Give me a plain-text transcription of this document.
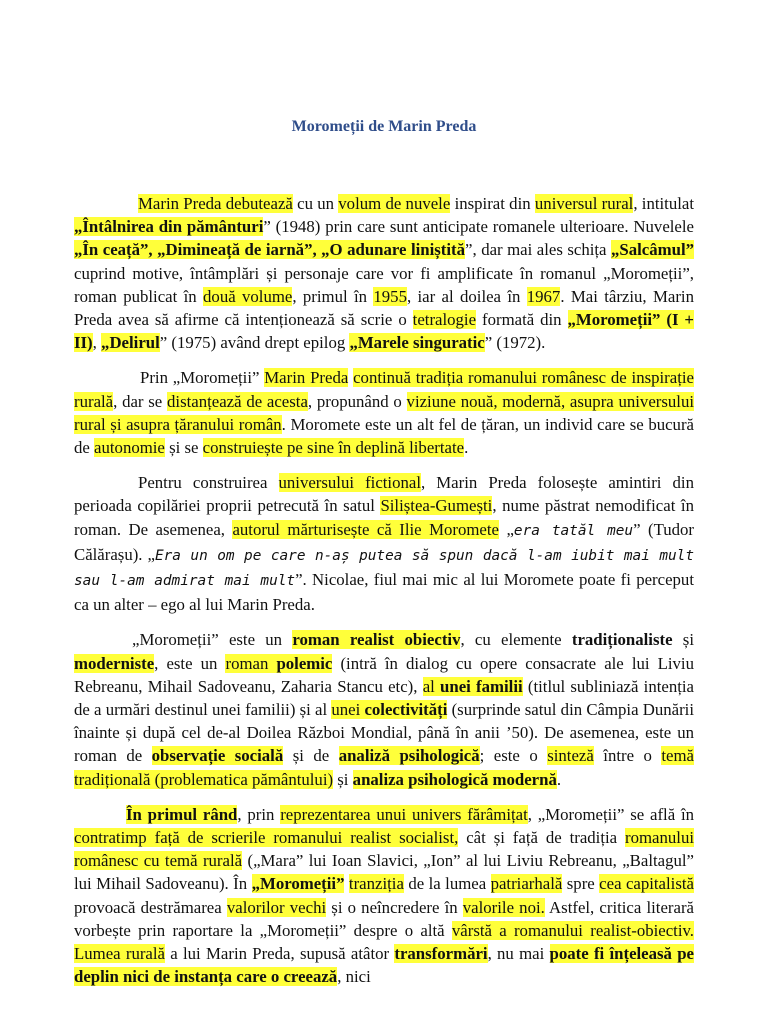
Moromeții de Marin Preda

Marin Preda debutează cu un volum de nuvele inspirat din universul rural, intitulat „Întâlnirea din pământuri” (1948) prin care sunt anticipate romanele ulterioare. Nuvelele „În ceață”, „Dimineață de iarnă”, „O adunare liniștită”, dar mai ales schița „Salcâmul” cuprind motive, întâmplări și personaje care vor fi amplificate în romanul „Moromeții”, roman publicat în două volume, primul în 1955, iar al doilea în 1967. Mai târziu, Marin Preda avea să afirme că intenționează să scrie o tetralogie formată din „Moromeții” (I + II), „Delirul” (1975) având drept epilog „Marele singuratic” (1972).

Prin „Moromeții” Marin Preda continuă tradiția romanului românesc de inspirație rurală, dar se distanțează de acesta, propunând o viziune nouă, modernă, asupra universului rural și asupra țăranului român. Moromete este un alt fel de țăran, un individ care se bucură de autonomie și se construiește pe sine în deplină libertate.

Pentru construirea universului fictional, Marin Preda folosește amintiri din perioada copilăriei proprii petrecută în satul Siliștea-Gumești, nume păstrat nemodificat în roman. De asemenea, autorul mărturisește că Ilie Moromete „era tatăl meu” (Tudor Călărașu). „Era un om pe care n-aș putea să spun dacă l-am iubit mai mult sau l-am admirat mai mult”. Nicolae, fiul mai mic al lui Moromete poate fi perceput ca un alter – ego al lui Marin Preda.

„Moromeții” este un roman realist obiectiv, cu elemente tradiționaliste și moderniste, este un roman polemic (intră în dialog cu opere consacrate ale lui Liviu Rebreanu, Mihail Sadoveanu, Zaharia Stancu etc), al unei familii (titlul subliniază intenția de a urmări destinul unei familii) și al unei colectivități (surprinde satul din Câmpia Dunării înainte și după cel de-al Doilea Război Mondial, până în anii ’50). De asemenea, este un roman de observație socială și de analiză psihologică; este o sinteză între o temă tradițională (problematica pământului) și analiza psihologică modernă.

În primul rând, prin reprezentarea unui univers fărâmițat, „Moromeții” se află în contratimp față de scrierile romanului realist socialist, cât și față de tradiția romanului românesc cu temă rurală („Mara” lui Ioan Slavici, „Ion” al lui Liviu Rebreanu, „Baltagul” lui Mihail Sadoveanu). În „Moromeții” tranziția de la lumea patriarhală spre cea capitalistă provoacă destrămarea valorilor vechi și o neîncredere în valorile noi. Astfel, critica literară vorbește prin raportare la „Moromeții” despre o altă vârstă a romanului realist-obiectiv. Lumea rurală a lui Marin Preda, supusă atâtor transformări, nu mai poate fi înțeleasă pe deplin nici de instanța care o creează, nici
